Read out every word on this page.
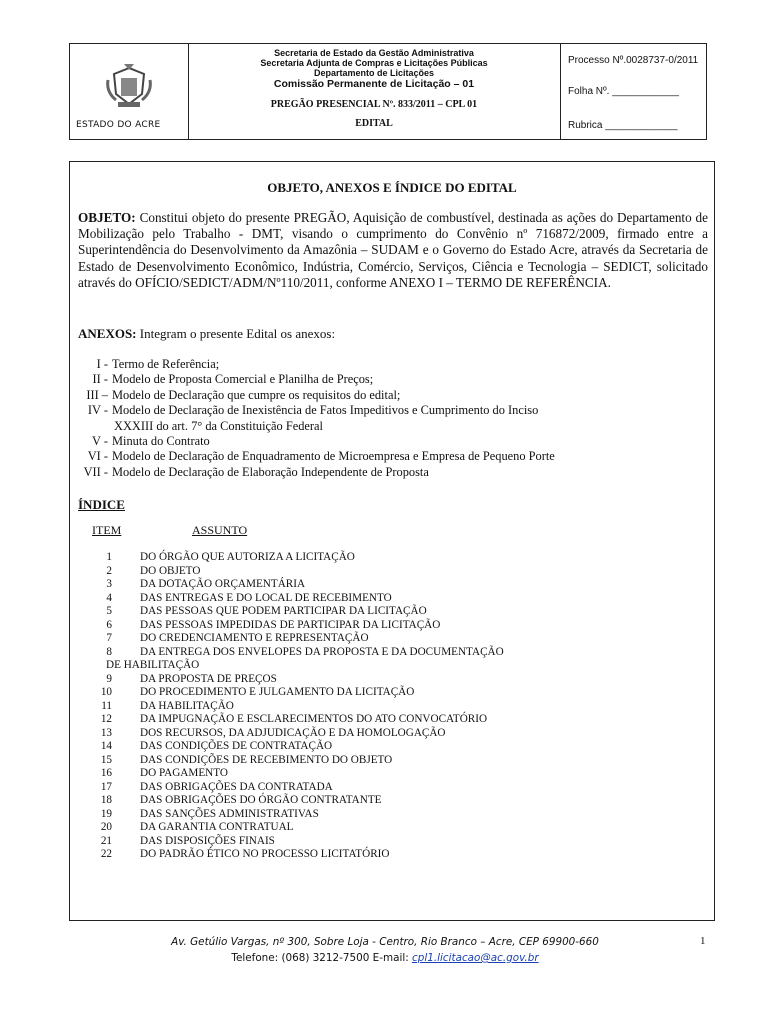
ESTADO DO ACRE
Secretaria de Estado da Gestão Administrativa
Secretaria Adjunta de Compras e Licitações Públicas
Departamento de Licitações
Comissão Permanente de Licitação – 01
PREGÃO PRESENCIAL Nº. 833/2011 – CPL 01
EDITAL
Processo Nº.0028737-0/2011
Folha Nº. ____________
Rubrica _____________
OBJETO, ANEXOS E ÍNDICE DO EDITAL
OBJETO: Constitui objeto do presente PREGÃO, Aquisição de combustível, destinada as ações do Departamento de Mobilização pelo Trabalho - DMT, visando o cumprimento do Convênio nº 716872/2009, firmado entre a Superintendência do Desenvolvimento da Amazônia – SUDAM e o Governo do Estado Acre, através da Secretaria de Estado de Desenvolvimento Econômico, Indústria, Comércio, Serviços, Ciência e Tecnologia – SEDICT, solicitado através do OFÍCIO/SEDICT/ADM/Nº110/2011, conforme ANEXO I – TERMO DE REFERÊNCIA.
ANEXOS: Integram o presente Edital os anexos:
I - Termo de Referência;
II - Modelo de Proposta Comercial e Planilha de Preços;
III – Modelo de Declaração que cumpre os requisitos do edital;
IV - Modelo de Declaração de Inexistência de Fatos Impeditivos e Cumprimento do Inciso
XXXIII do art. 7° da Constituição Federal
V - Minuta do Contrato
VI - Modelo de Declaração de Enquadramento de Microempresa e Empresa de Pequeno Porte
VII - Modelo de Declaração de Elaboração Independente de Proposta
ÍNDICE
ITEM	ASSUNTO
1	DO ÓRGÃO QUE AUTORIZA A LICITAÇÃO
2	DO OBJETO
3	DA DOTAÇÃO ORÇAMENTÁRIA
4	DAS ENTREGAS E DO LOCAL DE RECEBIMENTO
5	DAS PESSOAS QUE PODEM PARTICIPAR DA LICITAÇÃO
6	DAS PESSOAS IMPEDIDAS DE PARTICIPAR DA LICITAÇÃO
7	DO CREDENCIAMENTO E REPRESENTAÇÃO
8	DA ENTREGA DOS ENVELOPES DA PROPOSTA E DA DOCUMENTAÇÃO
DE HABILITAÇÃO
9	DA PROPOSTA DE PREÇOS
10	DO PROCEDIMENTO E JULGAMENTO DA LICITAÇÃO
11	DA HABILITAÇÃO
12	DA IMPUGNAÇÃO E ESCLARECIMENTOS DO ATO CONVOCATÓRIO
13	DOS RECURSOS, DA ADJUDICAÇÃO E DA HOMOLOGAÇÃO
14	DAS CONDIÇÕES DE CONTRATAÇÃO
15	DAS CONDIÇÕES DE RECEBIMENTO DO OBJETO
16	DO PAGAMENTO
17	DAS OBRIGAÇÕES DA CONTRATADA
18	DAS OBRIGAÇÕES DO ÓRGÃO CONTRATANTE
19	DAS SANÇÕES ADMINISTRATIVAS
20	DA GARANTIA CONTRATUAL
21	DAS DISPOSIÇÕES FINAIS
22	DO PADRÃO ÉTICO NO PROCESSO LICITATÓRIO
Av. Getúlio Vargas, nº 300, Sobre Loja - Centro, Rio Branco – Acre, CEP 69900-660
Telefone: (068) 3212-7500 E-mail: cpl1.licitacao@ac.gov.br
1
